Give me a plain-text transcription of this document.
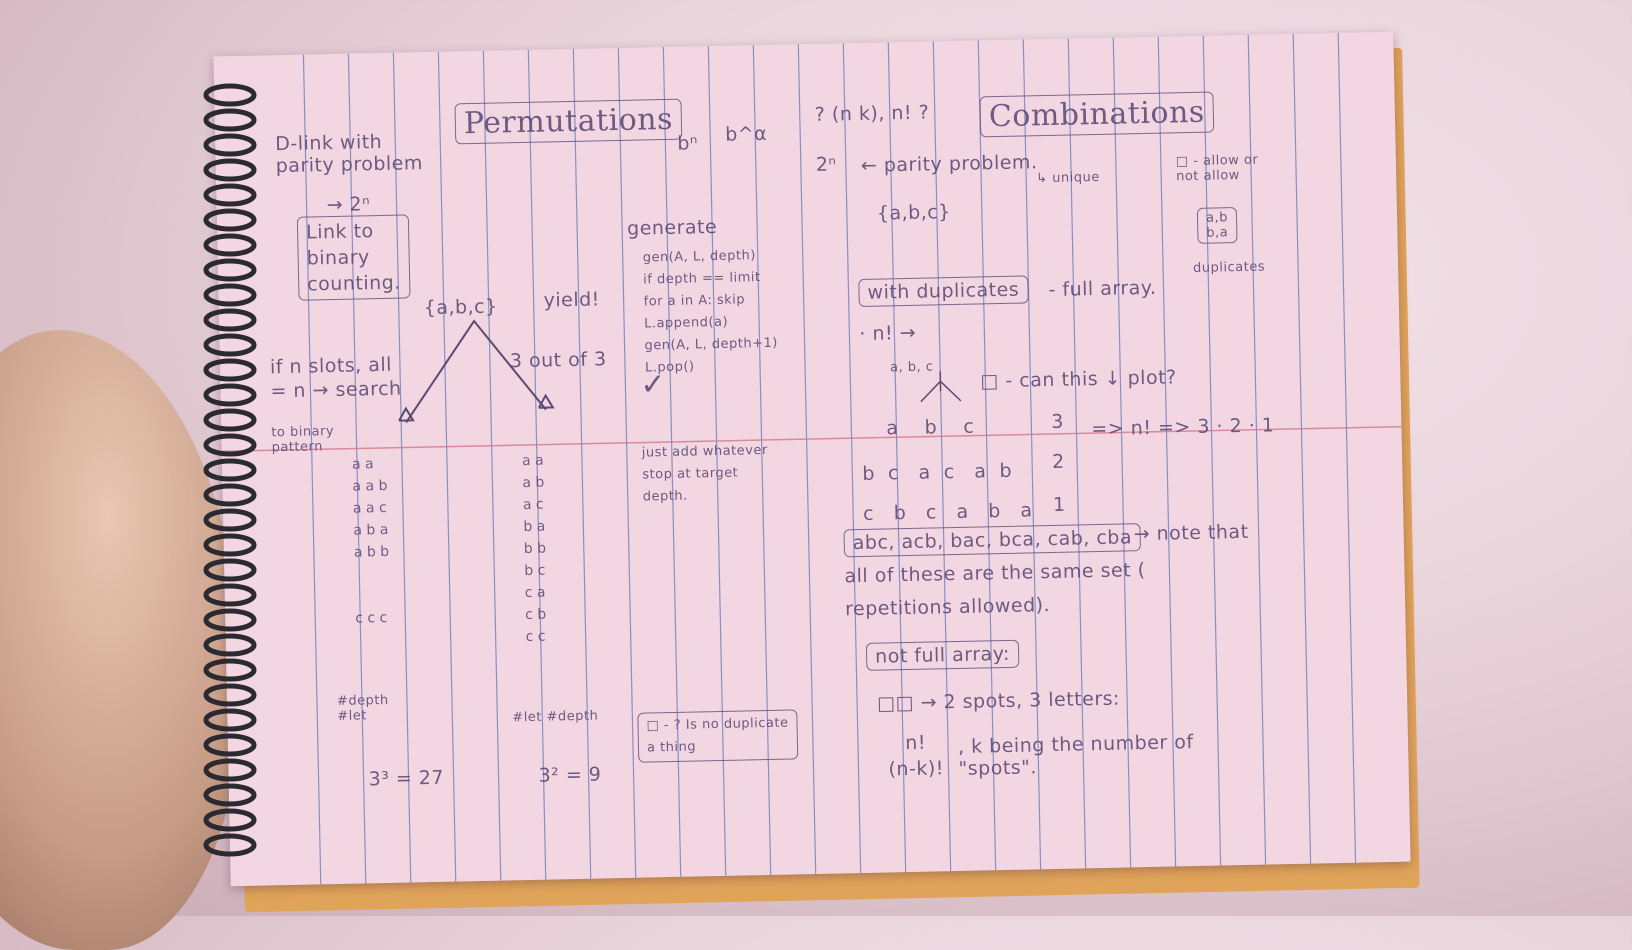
D-link with
parity problem
→ 2ⁿ
Link to
binary
counting.
if n slots, all
= n → search
to binary
pattern
Permutations
bⁿ b^α
{a,b,c} yield!
3 out of 3
a a
a a b
a a c
a b a
a b b
c c c
a a
a b
a c
b a
b b
b c
c a
c b
c c
#depth
#let	#let #depth
3³ = 27	3² = 9
generate
gen(A, L, depth)
if depth == limit
for a in A: skip
L.append(a)
gen(A, L, depth+1)
L.pop()
✓
just add whatever
stop at target
depth.
□ - ? Is no duplicate
a thing
? (n k), n! ?
2ⁿ ← parity problem.
Combinations
↳ unique
□ - allow or
not allow
{a,b,c}	a,b
b,a
duplicates
with duplicates	- full array.
· n! →
a, b, c □ - can this ↓ plot?
a    b    c	3 => n! => 3 · 2 · 1
b  c   a  c   a  b 2
c   b   c   a   b   a 1
abc, acb, bac, bca, cab, cba → note that
all of these are the same set (
repetitions allowed).
not full array:
□□ → 2 spots, 3 letters:
n!
(n-k)!
, k being the number of
"spots".
